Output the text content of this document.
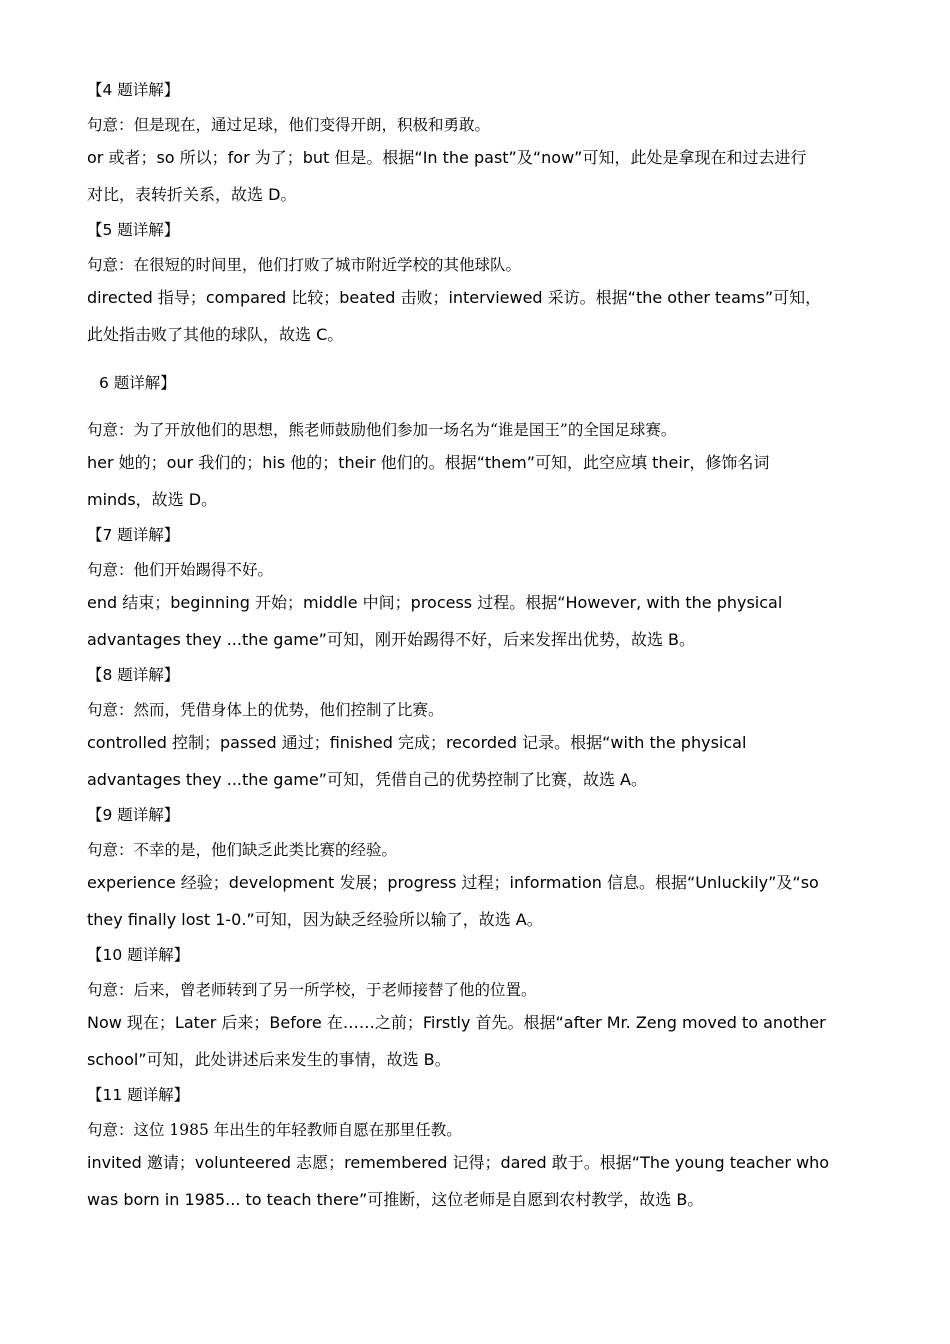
【4 题详解】
句意：但是现在，通过足球，他们变得开朗，积极和勇敢。
or 或者；so 所以；for 为了；but 但是。根据“In the past”及“now”可知，此处是拿现在和过去进行
对比，表转折关系，故选 D。
【5 题详解】
句意：在很短的时间里，他们打败了城市附近学校的其他球队。
directed 指导；compared 比较；beated 击败；interviewed 采访。根据“the other teams”可知，
此处指击败了其他的球队，故选 C。
6 题详解】
句意：为了开放他们的思想，熊老师鼓励他们参加一场名为“谁是国王”的全国足球赛。
her 她的；our 我们的；his 他的；their 他们的。根据“them”可知，此空应填 their，修饰名词
minds，故选 D。
【7 题详解】
句意：他们开始踢得不好。
end 结束；beginning 开始；middle 中间；process 过程。根据“However, with the physical
advantages they ...the game”可知，刚开始踢得不好，后来发挥出优势，故选 B。
【8 题详解】
句意：然而，凭借身体上的优势，他们控制了比赛。
controlled 控制；passed 通过；finished 完成；recorded 记录。根据“with the physical
advantages they ...the game”可知，凭借自己的优势控制了比赛，故选 A。
【9 题详解】
句意：不幸的是，他们缺乏此类比赛的经验。
experience 经验；development 发展；progress 过程；information 信息。根据“Unluckily”及“so
they finally lost 1-0.”可知，因为缺乏经验所以输了，故选 A。
【10 题详解】
句意：后来，曾老师转到了另一所学校，于老师接替了他的位置。
Now 现在；Later 后来；Before 在……之前；Firstly 首先。根据“after Mr. Zeng moved to another
school”可知，此处讲述后来发生的事情，故选 B。
【11 题详解】
句意：这位 1985 年出生的年轻教师自愿在那里任教。
invited 邀请；volunteered 志愿；remembered 记得；dared 敢于。根据“The young teacher who
was born in 1985... to teach there”可推断，这位老师是自愿到农村教学，故选 B。
